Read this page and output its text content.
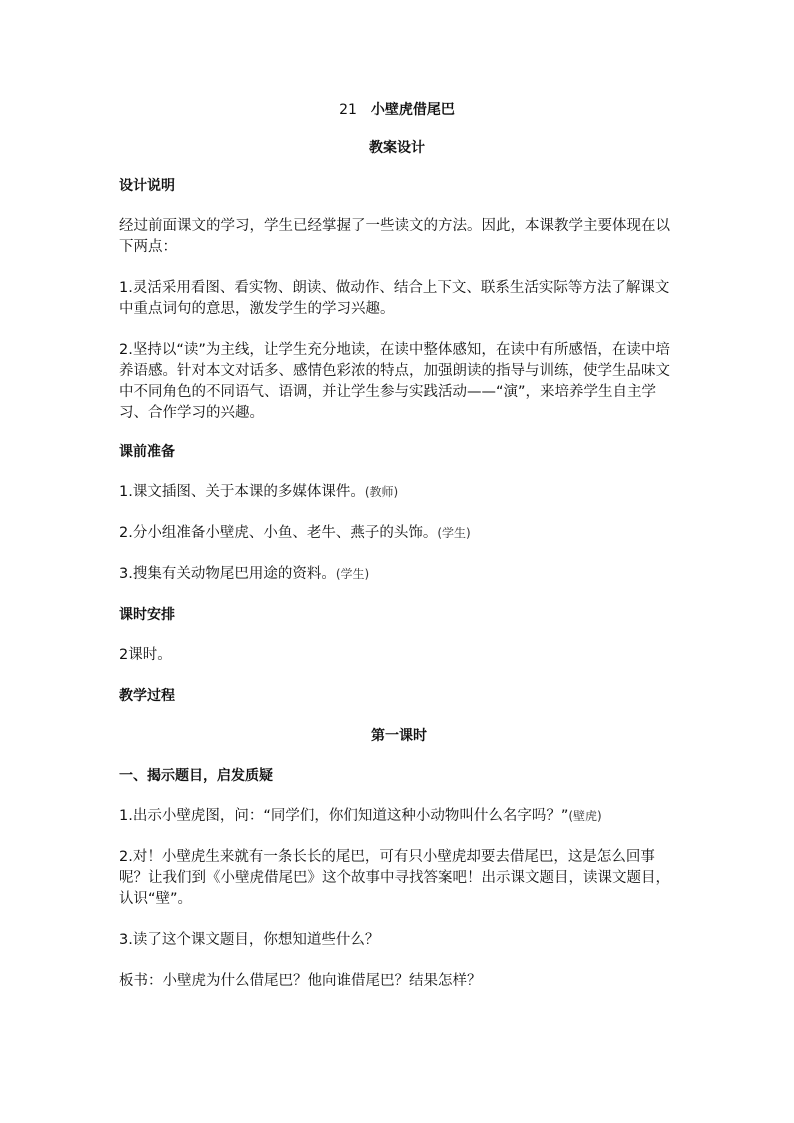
21 小壁虎借尾巴
教案设计
设计说明
经过前面课文的学习，学生已经掌握了一些读文的方法。因此，本课教学主要体现在以下两点：
1.灵活采用看图、看实物、朗读、做动作、结合上下文、联系生活实际等方法了解课文中重点词句的意思，激发学生的学习兴趣。
2.坚持以“读”为主线，让学生充分地读，在读中整体感知，在读中有所感悟，在读中培养语感。针对本文对话多、感情色彩浓的特点，加强朗读的指导与训练，使学生品味文中不同角色的不同语气、语调，并让学生参与实践活动——“演”，来培养学生自主学习、合作学习的兴趣。
课前准备
1.课文插图、关于本课的多媒体课件。(教师)
2.分小组准备小壁虎、小鱼、老牛、燕子的头饰。(学生)
3.搜集有关动物尾巴用途的资料。(学生)
课时安排
2课时。
教学过程
第一课时
一、揭示题目，启发质疑
1.出示小壁虎图，问：“同学们，你们知道这种小动物叫什么名字吗？”(壁虎)
2.对！小壁虎生来就有一条长长的尾巴，可有只小壁虎却要去借尾巴，这是怎么回事呢？让我们到《小壁虎借尾巴》这个故事中寻找答案吧！出示课文题目，读课文题目，认识“壁”。
3.读了这个课文题目，你想知道些什么？
板书：小壁虎为什么借尾巴？他向谁借尾巴？结果怎样？
